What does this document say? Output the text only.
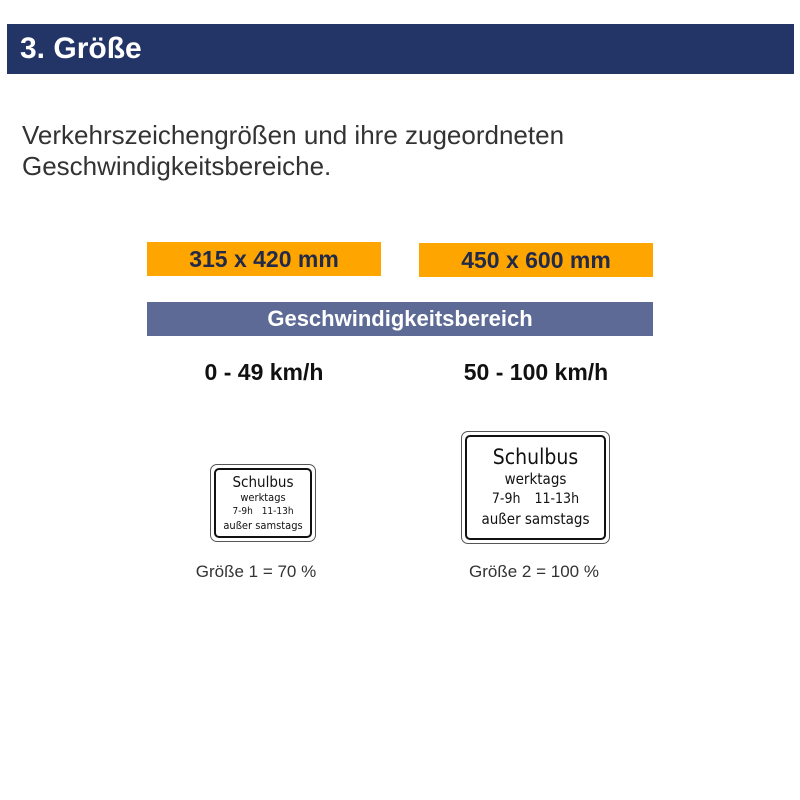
3. Größe
Verkehrszeichengrößen und ihre zugeordneten Geschwindigkeitsbereiche.
315 x 420 mm	450 x 600 mm
Geschwindigkeitsbereich
0 - 49 km/h	50 - 100 km/h
Schulbus
werktags
7-9h 11-13h
außer samstags
Schulbus
werktags
7-9h 11-13h
außer samstags
Größe 1 = 70 %	Größe 2 = 100 %
